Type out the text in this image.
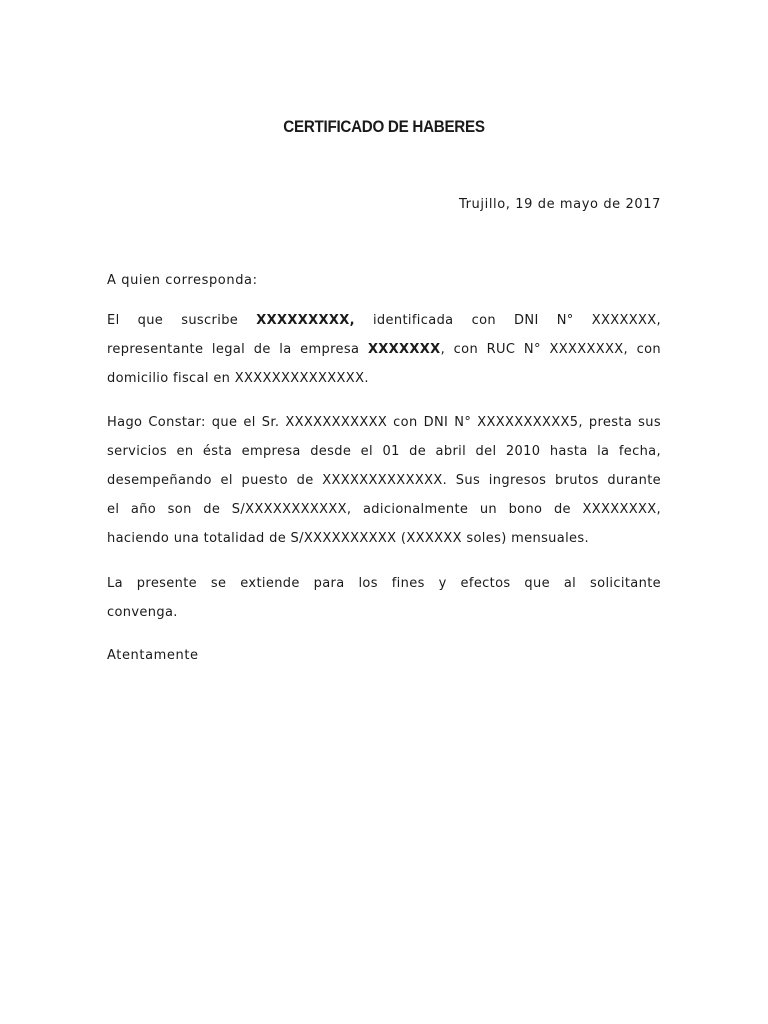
CERTIFICADO DE HABERES

Trujillo, 19 de mayo de 2017

A quien corresponda:

El que suscribe XXXXXXXXX, identificada con DNI N° XXXXXXX,
representante legal de la empresa XXXXXXX, con RUC N° XXXXXXXX, con
domicilio fiscal en XXXXXXXXXXXXXX.
Hago Constar: que el Sr. XXXXXXXXXXX con DNI N° XXXXXXXXXX5, presta sus
servicios en ésta empresa desde el 01 de abril del 2010 hasta la fecha,
desempeñando el puesto de XXXXXXXXXXXXX. Sus ingresos brutos durante
el año son de S/XXXXXXXXXXX, adicionalmente un bono de XXXXXXXX,
haciendo una totalidad de S/XXXXXXXXXX (XXXXXX soles) mensuales.
La presente se extiende para los fines y efectos que al solicitante
convenga.

Atentamente
